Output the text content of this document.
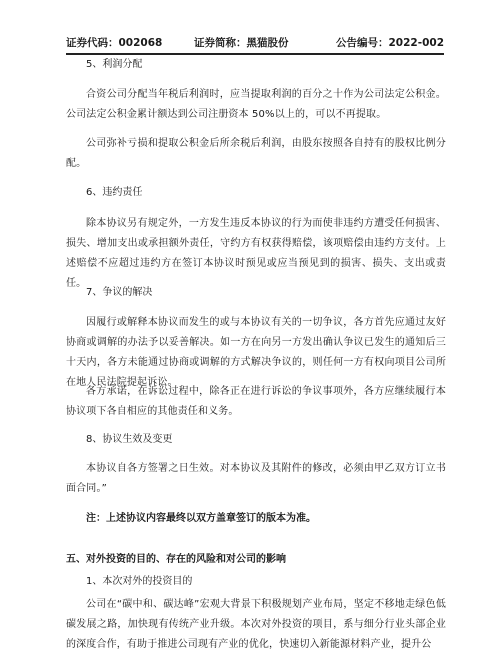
证券代码：002068	证券简称：黑猫股份	公告编号：2022-002
5、利润分配

合资公司分配当年税后利润时，应当提取利润的百分之十作为公司法定公积金。公司法定公积金累计额达到公司注册资本 50%以上的，可以不再提取。

公司弥补亏损和提取公积金后所余税后利润，由股东按照各自持有的股权比例分配。

6、违约责任

除本协议另有规定外，一方发生违反本协议的行为而使非违约方遭受任何损害、损失、增加支出或承担额外责任，守约方有权获得赔偿，该项赔偿由违约方支付。上述赔偿不应超过违约方在签订本协议时预见或应当预见到的损害、损失、支出或责任。

7、争议的解决

因履行或解释本协议而发生的或与本协议有关的一切争议，各方首先应通过友好协商或调解的办法予以妥善解决。如一方在向另一方发出确认争议已发生的通知后三十天内，各方未能通过协商或调解的方式解决争议的，则任何一方有权向项目公司所在地人民法院提起诉讼。

各方承诺，在诉讼过程中，除各正在进行诉讼的争议事项外，各方应继续履行本协议项下各自相应的其他责任和义务。

8、协议生效及变更

本协议自各方签署之日生效。对本协议及其附件的修改，必须由甲乙双方订立书面合同。”

注：上述协议内容最终以双方盖章签订的版本为准。
五、对外投资的目的、存在的风险和对公司的影响
1、本次对外的投资目的

公司在“碳中和、碳达峰”宏观大背景下积极规划产业布局，坚定不移地走绿色低碳发展之路，加快现有传统产业升级。本次对外投资的项目，系与细分行业头部企业的深度合作，有助于推进公司现有产业的优化，快速切入新能源材料产业，提升公
